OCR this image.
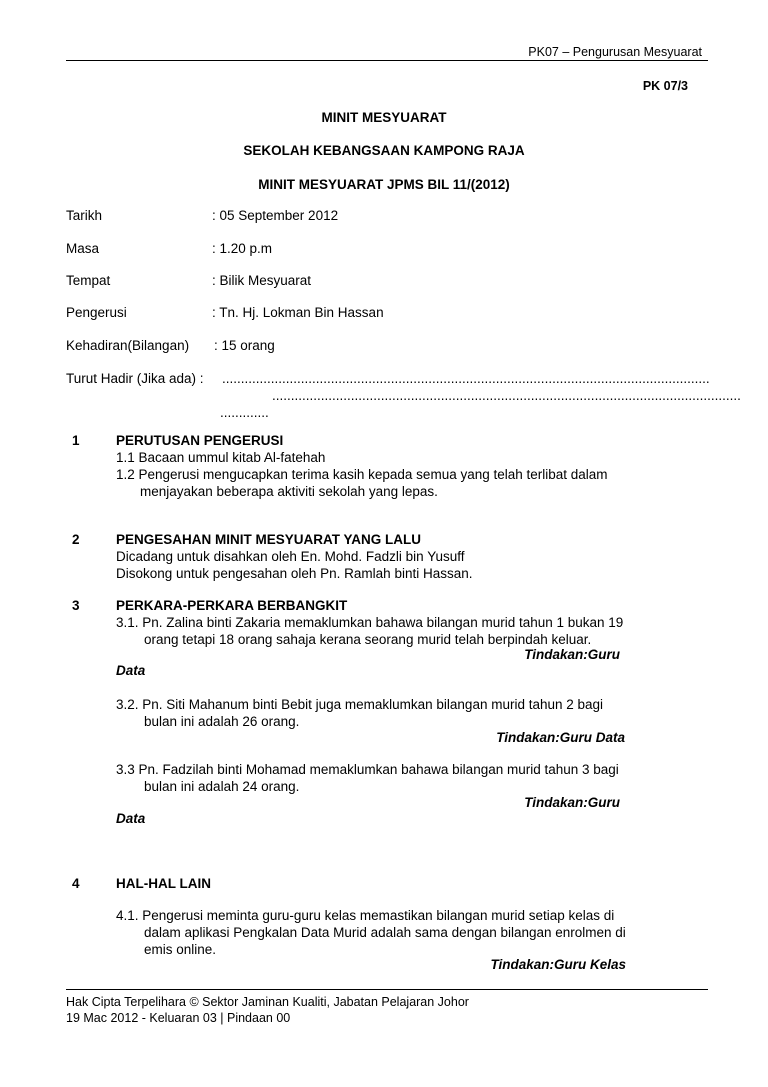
PK07 – Pengurusan Mesyuarat
PK 07/3
MINIT MESYUARAT
SEKOLAH KEBANGSAAN KAMPONG RAJA
MINIT MESYUARAT JPMS BIL 11/(2012)
Tarikh	: 05 September 2012
Masa	: 1.20 p.m
Tempat	: Bilik Mesyuarat
Pengerusi	: Tn. Hj. Lokman Bin Hassan
Kehadiran(Bilangan) : 15 orang
Turut Hadir (Jika ada) : ..................................................................................................................................
.............................................................................................................................
.............
1	PERUTUSAN PENGERUSI
1.1 Bacaan ummul kitab Al-fatehah
1.2 Pengerusi mengucapkan terima kasih kepada semua yang telah terlibat dalam
menjayakan beberapa aktiviti sekolah yang lepas.
2	PENGESAHAN MINIT MESYUARAT YANG LALU
Dicadang untuk disahkan oleh En. Mohd. Fadzli bin Yusuff
Disokong untuk pengesahan oleh Pn. Ramlah binti Hassan.
3	PERKARA-PERKARA BERBANGKIT
3.1. Pn. Zalina binti Zakaria memaklumkan bahawa bilangan murid tahun 1 bukan 19
orang tetapi 18 orang sahaja kerana seorang murid telah berpindah keluar.
Tindakan:Guru
Data
3.2. Pn. Siti Mahanum binti Bebit juga memaklumkan bilangan murid tahun 2 bagi
bulan ini adalah 26 orang.
Tindakan:Guru Data
3.3 Pn. Fadzilah binti Mohamad memaklumkan bahawa bilangan murid tahun 3 bagi
bulan ini adalah 24 orang.
Tindakan:Guru
Data
4	HAL-HAL LAIN
4.1. Pengerusi meminta guru-guru kelas memastikan bilangan murid setiap kelas di
dalam aplikasi Pengkalan Data Murid adalah sama dengan bilangan enrolmen di
emis online.
Tindakan:Guru Kelas
Hak Cipta Terpelihara © Sektor Jaminan Kualiti, Jabatan Pelajaran Johor
19 Mac 2012 - Keluaran 03 | Pindaan 00
